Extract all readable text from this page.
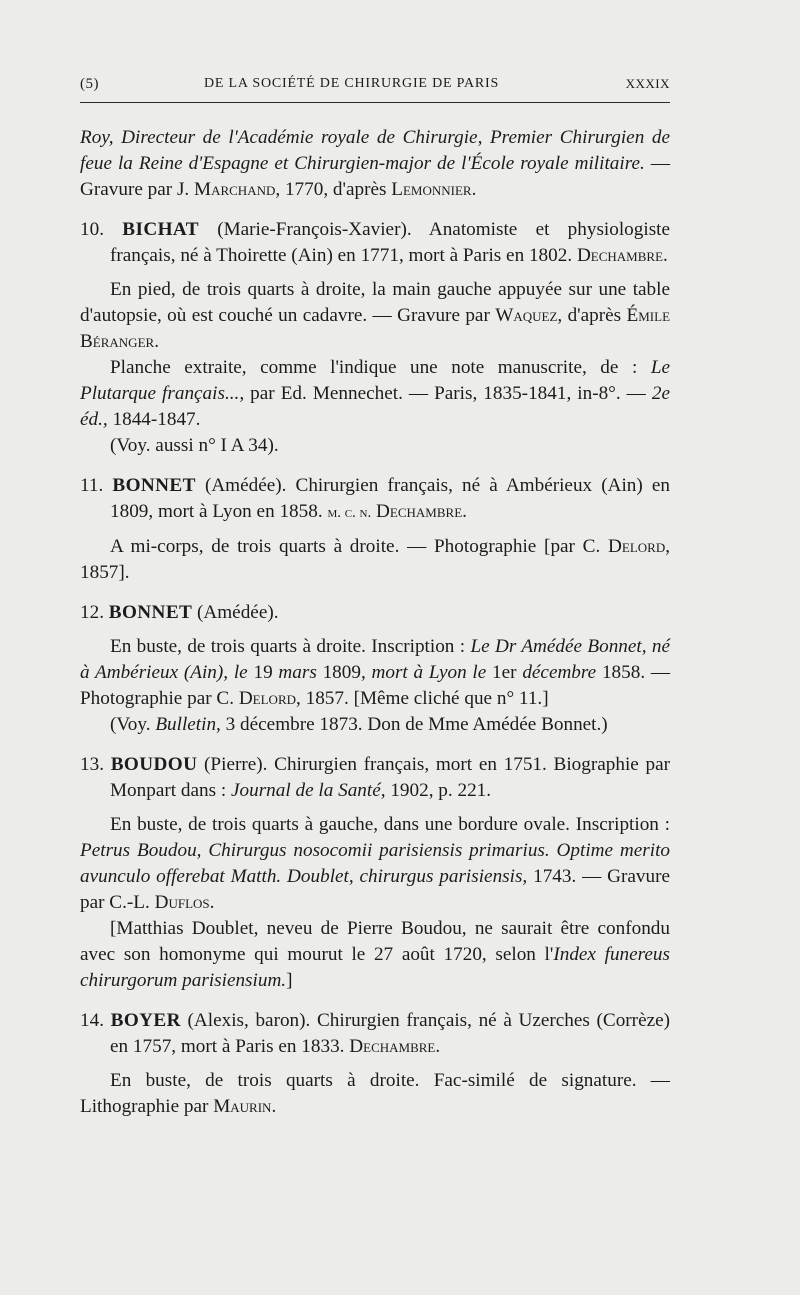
(5)	DE LA SOCIÉTÉ DE CHIRURGIE DE PARIS	XXXIX

Roy, Directeur de l'Académie royale de Chirurgie, Premier Chirurgien de feue la Reine d'Espagne et Chirurgien-major de l'École royale militaire. — Gravure par J. Marchand, 1770, d'après Lemonnier.

10. BICHAT (Marie-François-Xavier). Anatomiste et physiologiste français, né à Thoirette (Ain) en 1771, mort à Paris en 1802. Dechambre.

En pied, de trois quarts à droite, la main gauche appuyée sur une table d'autopsie, où est couché un cadavre. — Gravure par Waquez, d'après Émile Béranger.

Planche extraite, comme l'indique une note manuscrite, de : Le Plutarque français..., par Ed. Mennechet. — Paris, 1835-1841, in-8°. — 2e éd., 1844-1847.

(Voy. aussi n° I A 34).

11. BONNET (Amédée). Chirurgien français, né à Ambérieux (Ain) en 1809, mort à Lyon en 1858. m. c. n. Dechambre.

A mi-corps, de trois quarts à droite. — Photographie [par C. Delord, 1857].

12. BONNET (Amédée).

En buste, de trois quarts à droite. Inscription : Le Dr Amédée Bonnet, né à Ambérieux (Ain), le 19 mars 1809, mort à Lyon le 1er décembre 1858. — Photographie par C. Delord, 1857. [Même cliché que n° 11.]

(Voy. Bulletin, 3 décembre 1873. Don de Mme Amédée Bonnet.)

13. BOUDOU (Pierre). Chirurgien français, mort en 1751. Biographie par Monpart dans : Journal de la Santé, 1902, p. 221.

En buste, de trois quarts à gauche, dans une bordure ovale. Inscription : Petrus Boudou, Chirurgus nosocomii parisiensis primarius. Optime merito avunculo offerebat Matth. Doublet, chirurgus parisiensis, 1743. — Gravure par C.-L. Duflos.

[Matthias Doublet, neveu de Pierre Boudou, ne saurait être confondu avec son homonyme qui mourut le 27 août 1720, selon l'Index funereus chirurgorum parisiensium.]

14. BOYER (Alexis, baron). Chirurgien français, né à Uzerches (Corrèze) en 1757, mort à Paris en 1833. Dechambre.

En buste, de trois quarts à droite. Fac-similé de signature. — Lithographie par Maurin.
